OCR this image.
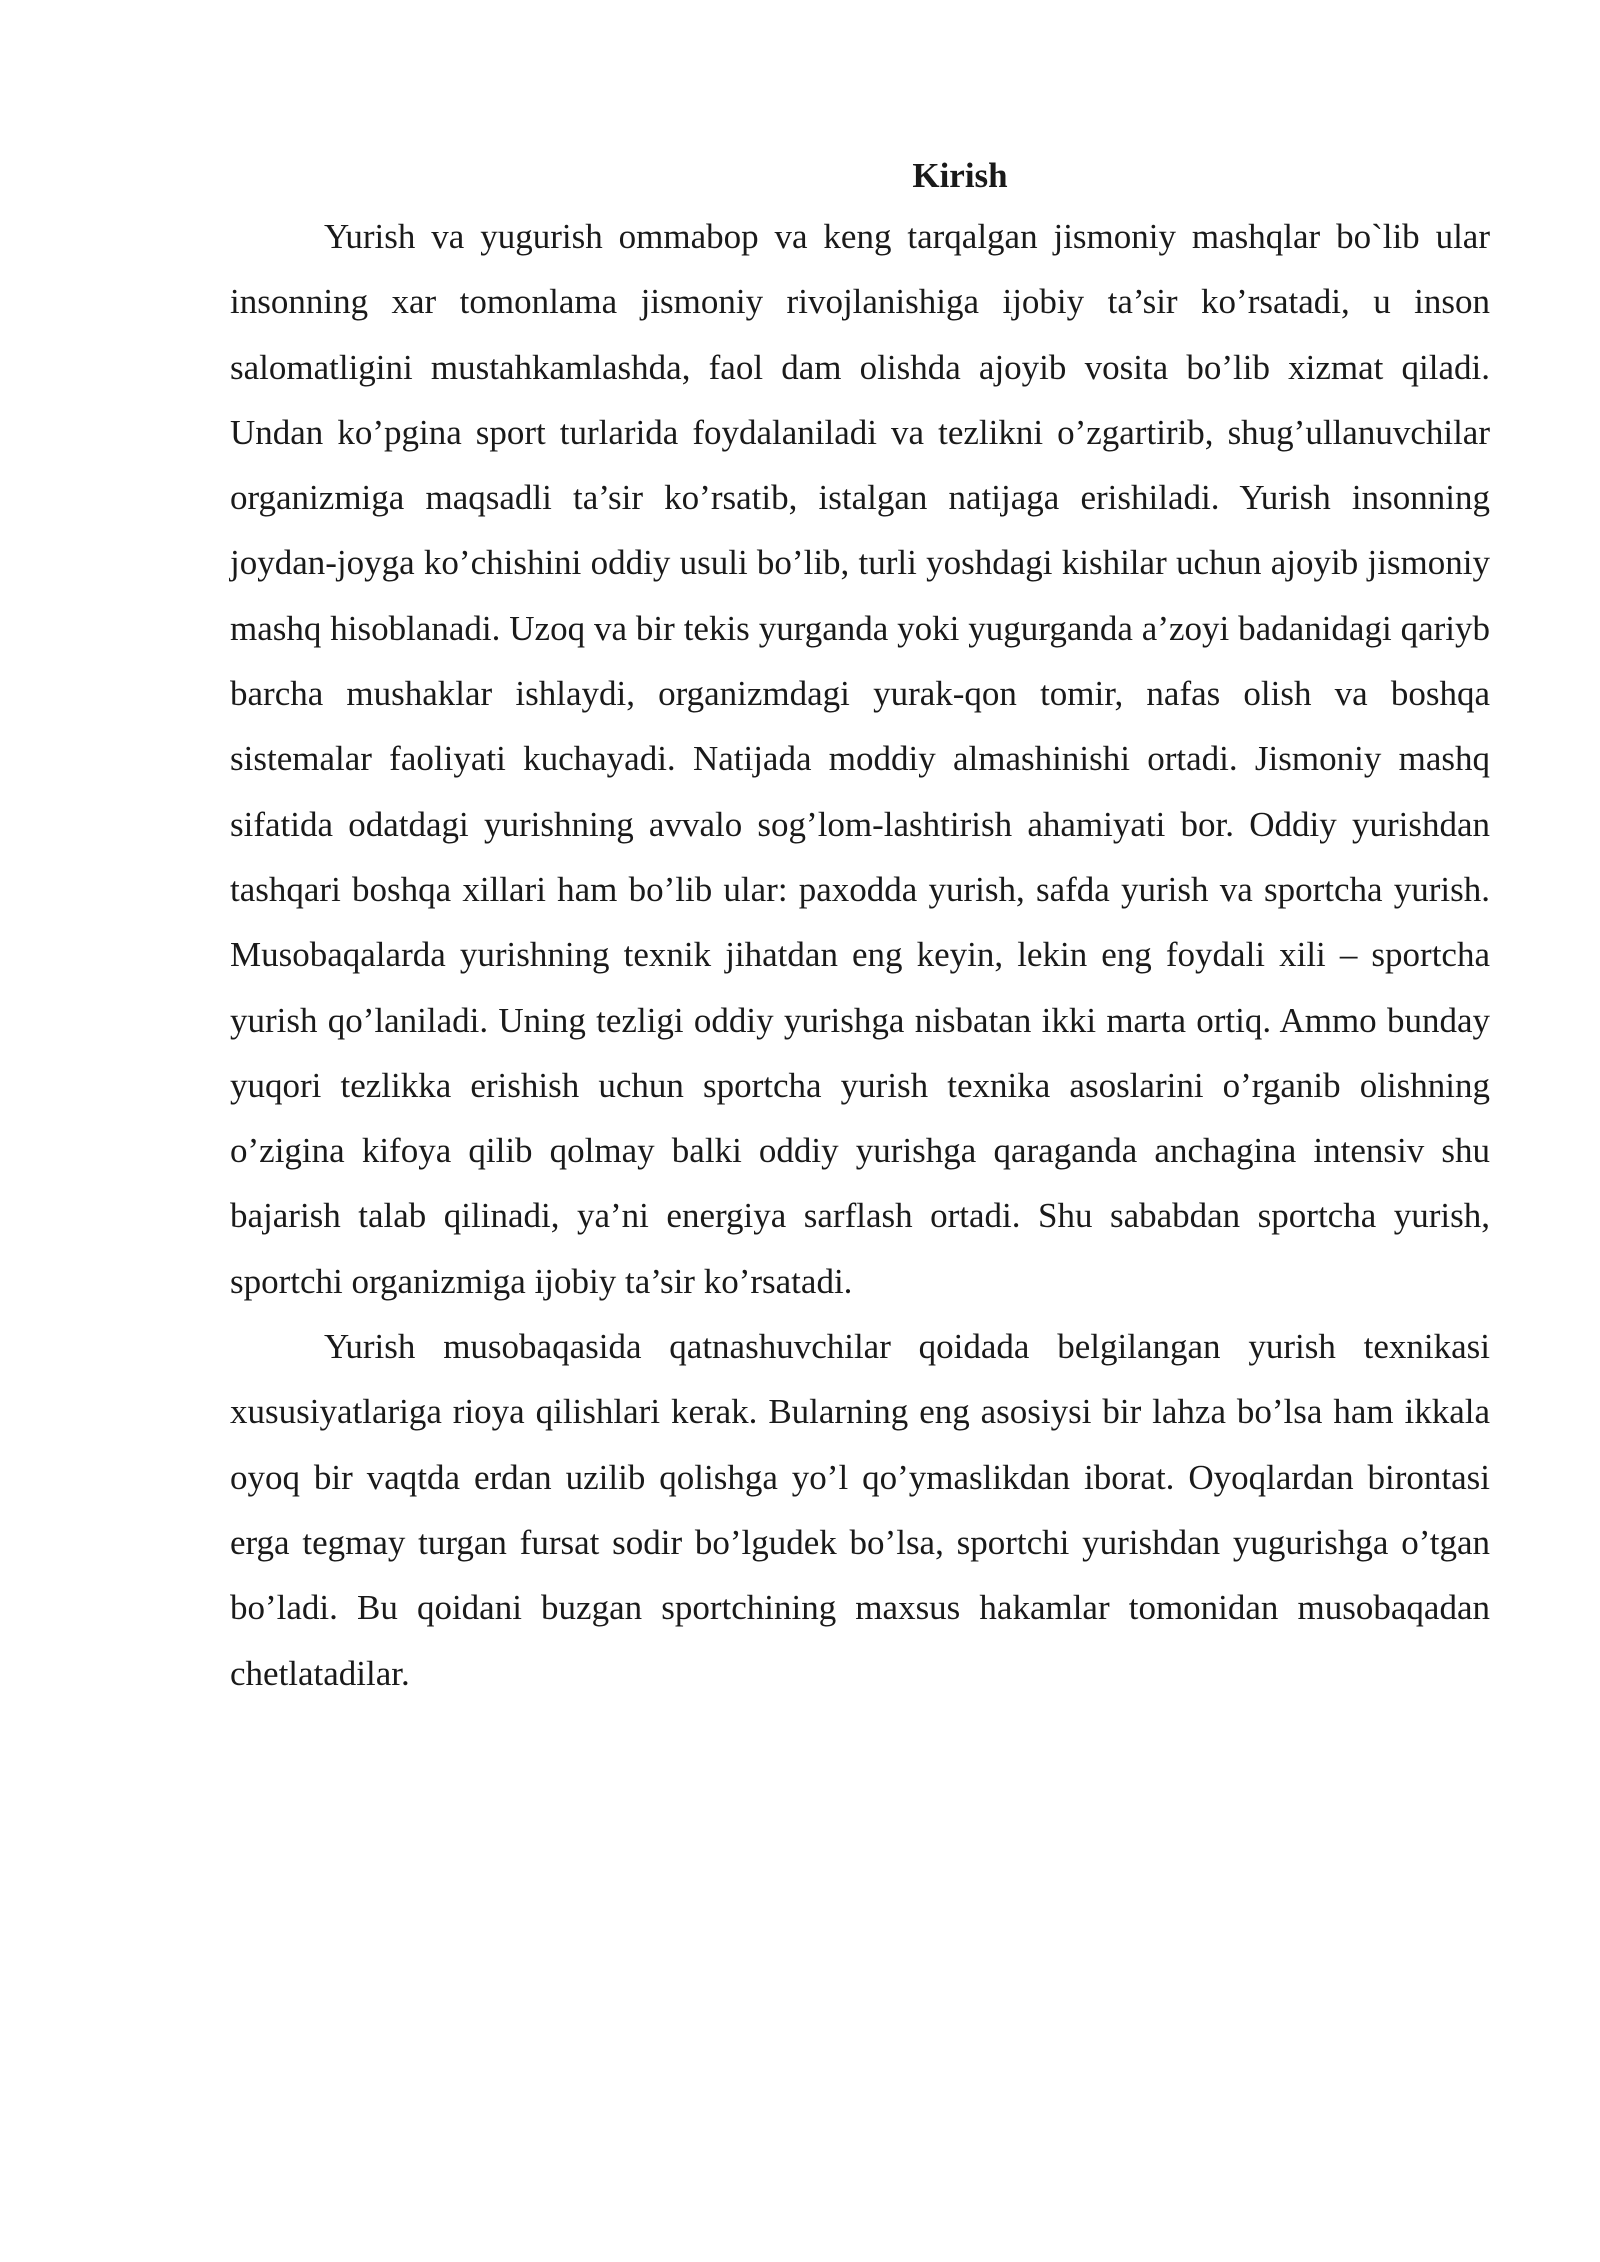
Kirish

Yurish va yugurish ommabop va keng tarqalgan jismoniy mashqlar bo`lib ular insonning xar tomonlama jismoniy rivojlanishiga ijobiy ta’sir ko’rsatadi, u inson salomatligini mustahkamlashda, faol dam olishda ajoyib vosita bo’lib xizmat qiladi. Undan ko’pgina sport turlarida foydalaniladi va tezlikni o’zgartirib, shug’ullanuvchilar organizmiga maqsadli ta’sir ko’rsatib, istalgan natijaga erishiladi. Yurish insonning joydan-joyga ko’chishini oddiy usuli bo’lib, turli yoshdagi kishilar uchun ajoyib jismoniy mashq hisoblanadi. Uzoq va bir tekis yurganda yoki yugurganda a’zoyi badanidagi qariyb barcha mushaklar ishlaydi, organizmdagi yurak-qon tomir, nafas olish va boshqa sistemalar faoliyati kuchayadi. Natijada moddiy almashinishi ortadi. Jismoniy mashq sifatida odatdagi yurishning avvalo sog’lom-lashtirish ahamiyati bor. Oddiy yurishdan tashqari boshqa xillari ham bo’lib ular: paxodda yurish, safda yurish va sportcha yurish. Musobaqalarda yurishning texnik jihatdan eng keyin, lekin eng foydali xili – sportcha yurish qo’laniladi. Uning tezligi oddiy yurishga nisbatan ikki marta ortiq. Ammo bunday yuqori tezlikka erishish uchun sportcha yurish texnika asoslarini o’rganib olishning o’zigina kifoya qilib qolmay balki oddiy yurishga qaraganda anchagina intensiv shu bajarish talab qilinadi, ya’ni energiya sarflash ortadi. Shu sababdan sportcha yurish, sportchi organizmiga ijobiy ta’sir ko’rsatadi.

Yurish musobaqasida qatnashuvchilar qoidada belgilangan yurish texnikasi xususiyatlariga rioya qilishlari kerak. Bularning eng asosiysi bir lahza bo’lsa ham ikkala oyoq bir vaqtda erdan uzilib qolishga yo’l qo’ymaslikdan iborat. Oyoqlardan birontasi erga tegmay turgan fursat sodir bo’lgudek bo’lsa, sportchi yurishdan yugurishga o’tgan bo’ladi. Bu qoidani buzgan sportchining maxsus hakamlar tomonidan musobaqadan chetlatadilar.
